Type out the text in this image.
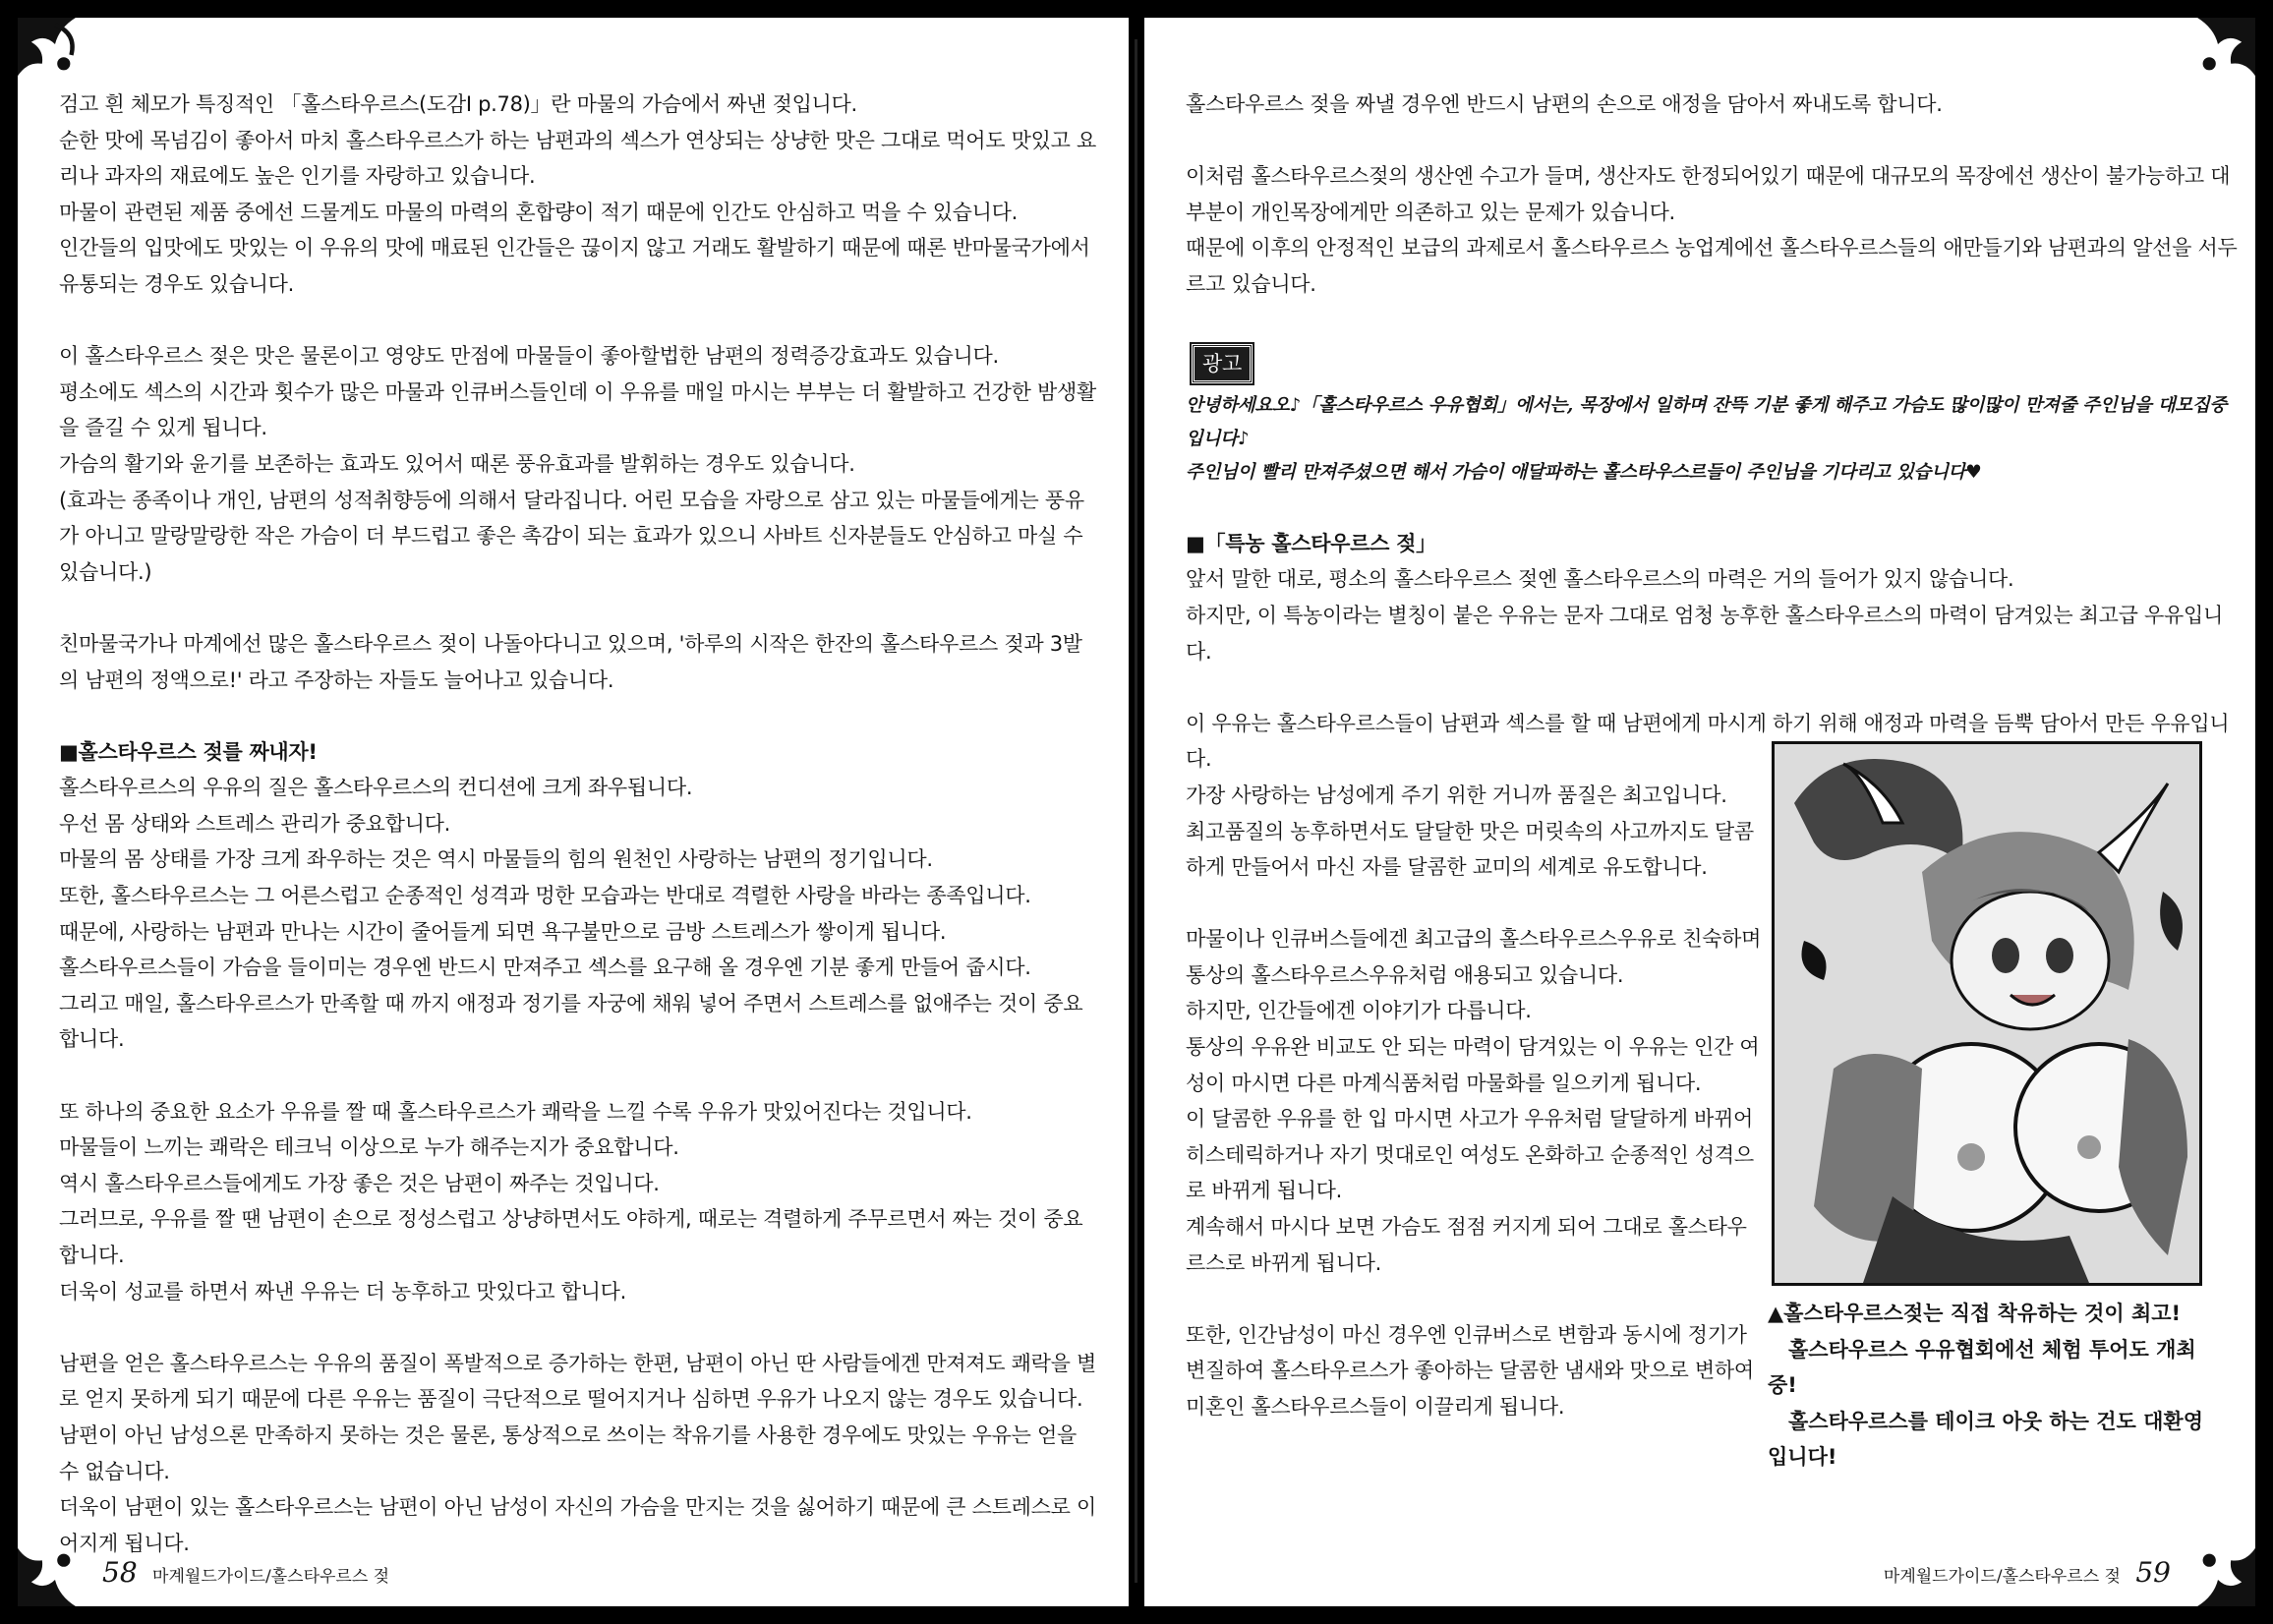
검고 흰 체모가 특징적인 「홀스타우르스(도감Ⅰ p.78)」란 마물의 가슴에서 짜낸 젖입니다.

순한 맛에 목넘김이 좋아서 마치 홀스타우르스가 하는 남편과의 섹스가 연상되는 상냥한 맛은 그대로 먹어도 맛있고 요리나 과자의 재료에도 높은 인기를 자랑하고 있습니다.

마물이 관련된 제품 중에선 드물게도 마물의 마력의 혼합량이 적기 때문에 인간도 안심하고 먹을 수 있습니다.

인간들의 입맛에도 맛있는 이 우유의 맛에 매료된 인간들은 끊이지 않고 거래도 활발하기 때문에 때론 반마물국가에서 유통되는 경우도 있습니다.

이 홀스타우르스 젖은 맛은 물론이고 영양도 만점에 마물들이 좋아할법한 남편의 정력증강효과도 있습니다.

평소에도 섹스의 시간과 횟수가 많은 마물과 인큐버스들인데 이 우유를 매일 마시는 부부는 더 활발하고 건강한 밤생활을 즐길 수 있게 됩니다.

가슴의 활기와 윤기를 보존하는 효과도 있어서 때론 풍유효과를 발휘하는 경우도 있습니다.

(효과는 종족이나 개인, 남편의 성적취향등에 의해서 달라집니다. 어린 모습을 자랑으로 삼고 있는 마물들에게는 풍유가 아니고 말랑말랑한 작은 가슴이 더 부드럽고 좋은 촉감이 되는 효과가 있으니 사바트 신자분들도 안심하고 마실 수 있습니다.)

친마물국가나 마계에선 많은 홀스타우르스 젖이 나돌아다니고 있으며, '하루의 시작은 한잔의 홀스타우르스 젖과 3발의 남편의 정액으로!' 라고 주장하는 자들도 늘어나고 있습니다.

■홀스타우르스 젖를 짜내자!

홀스타우르스의 우유의 질은 홀스타우르스의 컨디션에 크게 좌우됩니다.

우선 몸 상태와 스트레스 관리가 중요합니다.

마물의 몸 상태를 가장 크게 좌우하는 것은 역시 마물들의 힘의 원천인 사랑하는 남편의 정기입니다.

또한, 홀스타우르스는 그 어른스럽고 순종적인 성격과 멍한 모습과는 반대로 격렬한 사랑을 바라는 종족입니다.

때문에, 사랑하는 남편과 만나는 시간이 줄어들게 되면 욕구불만으로 금방 스트레스가 쌓이게 됩니다.

홀스타우르스들이 가슴을 들이미는 경우엔 반드시 만져주고 섹스를 요구해 올 경우엔 기분 좋게 만들어 줍시다.

그리고 매일, 홀스타우르스가 만족할 때 까지 애정과 정기를 자궁에 채워 넣어 주면서 스트레스를 없애주는 것이 중요합니다.

또 하나의 중요한 요소가 우유를 짤 때 홀스타우르스가 쾌락을 느낄 수록 우유가 맛있어진다는 것입니다.

마물들이 느끼는 쾌락은 테크닉 이상으로 누가 해주는지가 중요합니다.

역시 홀스타우르스들에게도 가장 좋은 것은 남편이 짜주는 것입니다.

그러므로, 우유를 짤 땐 남편이 손으로 정성스럽고 상냥하면서도 야하게, 때로는 격렬하게 주무르면서 짜는 것이 중요합니다.

더욱이 성교를 하면서 짜낸 우유는 더 농후하고 맛있다고 합니다.

남편을 얻은 홀스타우르스는 우유의 품질이 폭발적으로 증가하는 한편, 남편이 아닌 딴 사람들에겐 만져져도 쾌락을 별로 얻지 못하게 되기 때문에 다른 우유는 품질이 극단적으로 떨어지거나 심하면 우유가 나오지 않는 경우도 있습니다.

남편이 아닌 남성으론 만족하지 못하는 것은 물론, 통상적으로 쓰이는 착유기를 사용한 경우에도 맛있는 우유는 얻을 수 없습니다.

더욱이 남편이 있는 홀스타우르스는 남편이 아닌 남성이 자신의 가슴을 만지는 것을 싫어하기 때문에 큰 스트레스로 이어지게 됩니다.

58 마계월드가이드/홀스타우르스 젖

홀스타우르스 젖을 짜낼 경우엔 반드시 남편의 손으로 애정을 담아서 짜내도록 합니다.

이처럼 홀스타우르스젖의 생산엔 수고가 들며, 생산자도 한정되어있기 때문에 대규모의 목장에선 생산이 불가능하고 대부분이 개인목장에게만 의존하고 있는 문제가 있습니다.

때문에 이후의 안정적인 보급의 과제로서 홀스타우르스 농업계에선 홀스타우르스들의 애만들기와 남편과의 알선을 서두르고 있습니다.

광고

안녕하세요오♪「홀스타우르스 우유협회」에서는, 목장에서 일하며 잔뜩 기분 좋게 해주고 가슴도 많이많이 만져줄 주인님을 대모집중입니다♪

주인님이 빨리 만져주셨으면 해서 가슴이 애달파하는 홀스타우스르들이 주인님을 기다리고 있습니다♥

■「특농 홀스타우르스 젖」

앞서 말한 대로, 평소의 홀스타우르스 젖엔 홀스타우르스의 마력은 거의 들어가 있지 않습니다.

하지만, 이 특농이라는 별칭이 붙은 우유는 문자 그대로 엄청 농후한 홀스타우르스의 마력이 담겨있는 최고급 우유입니다.

이 우유는 홀스타우르스들이 남편과 섹스를 할 때 남편에게 마시게 하기 위해 애정과 마력을 듬뿍 담아서 만든 우유입니다.

가장 사랑하는 남성에게 주기 위한 거니까 품질은 최고입니다.

최고품질의 농후하면서도 달달한 맛은 머릿속의 사고까지도 달콤하게 만들어서 마신 자를 달콤한 교미의 세계로 유도합니다.

마물이나 인큐버스들에겐 최고급의 홀스타우르스우유로 친숙하며 통상의 홀스타우르스우유처럼 애용되고 있습니다.

하지만, 인간들에겐 이야기가 다릅니다.

통상의 우유완 비교도 안 되는 마력이 담겨있는 이 우유는 인간 여성이 마시면 다른 마계식품처럼 마물화를 일으키게 됩니다.

이 달콤한 우유를 한 입 마시면 사고가 우유처럼 달달하게 바뀌어 히스테릭하거나 자기 멋대로인 여성도 온화하고 순종적인 성격으로 바뀌게 됩니다.

계속해서 마시다 보면 가슴도 점점 커지게 되어 그대로 홀스타우르스로 바뀌게 됩니다.

또한, 인간남성이 마신 경우엔 인큐버스로 변함과 동시에 정기가 변질하여 홀스타우르스가 좋아하는 달콤한 냄새와 맛으로 변하여 미혼인 홀스타우르스들이 이끌리게 됩니다.

▲홀스타우르스젖는 직접 착유하는 것이 최고!
　홀스타우르스 우유협회에선 체험 투어도 개최중!
　홀스타우르스를 테이크 아웃 하는 건도 대환영
입니다!
마계월드가이드/홀스타우르스 젖 59
